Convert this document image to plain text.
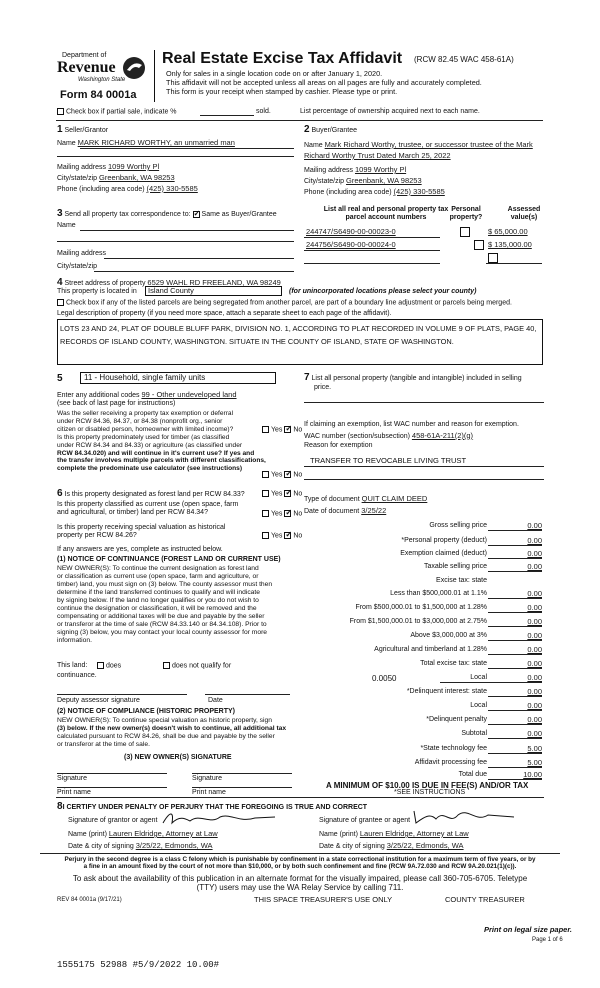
Department of
Revenue
Washington State
Form 84 0001a
Real Estate Excise Tax Affidavit (RCW 82.45 WAC 458-61A)
Only for sales in a single location code on or after January 1, 2020.
This affidavit will not be accepted unless all areas on all pages are fully and accurately completed.
This form is your receipt when stamped by cashier. Please type or print.
Check box if partial sale, indicate %	sold.	List percentage of ownership acquired next to each name.
1 Seller/Grantor
Name MARK RICHARD WORTHY, an unmarried man
Mailing address 1099 Worthy Pl
City/state/zip Greenbank, WA 98253
Phone (including area code) (425) 330-5585
2 Buyer/Grantee
Name Mark Richard Worthy, trustee, or successor trustee of the Mark
Richard Worthy Trust Dated March 25, 2022
Mailing address 1099 Worthy Pl
City/state/zip Greenbank, WA 98253
Phone (including area code) (425) 330-5585
3 Send all property tax correspondence to: ✓ Same as Buyer/Grantee
Name
Mailing address
City/state/zip
List all real and personal property tax
parcel account numbers
Personal
property?
Assessed
value(s)
244747/S6490-00-00023-0
	$ 65,000.00
244756/S6490-00-00024-0
	$ 135,000.00
4 Street address of property 6529 WAHL RD FREELAND, WA 98249
This property is located in	Island County	(for unincorporated locations please select your county)
Check box if any of the listed parcels are being segregated from another parcel, are part of a boundary line adjustment or parcels being merged.
Legal description of property (if you need more space, attach a separate sheet to each page of the affidavit).
LOTS 23 AND 24, PLAT OF DOUBLE BLUFF PARK, DIVISION NO. 1, ACCORDING TO PLAT RECORDED IN VOLUME 9 OF PLATS, PAGE 40,
RECORDS OF ISLAND COUNTY, WASHINGTON. SITUATE IN THE COUNTY OF ISLAND, STATE OF WASHINGTON.
5	11 - Household, single family units
Enter any additional codes 99 - Other undeveloped land
(see back of last page for instructions)
Was the seller receiving a property tax exemption or deferral
under RCW 84.36, 84.37, or 84.38 (nonprofit org., senior
citizen or disabled person, homeowner with limited income)?	Yes ✓ No
Is this property predominately used for timber (as classified
under RCW 84.34 and 84.33) or agriculture (as classified under
RCW 84.34.020) and will continue in it's current use? If yes and
the transfer involves multiple parcels with different classifications,
complete the predominate use calculator (see instructions)
Yes ✓ No
6 Is this property designated as forest land per RCW 84.33?	Yes ✓ No
Is this property classified as current use (open space, farm
and agricultural, or timber) land per RCW 84.34?	Yes ✓ No
Is this property receiving special valuation as historical
property per RCW 84.26?	Yes ✓ No
If any answers are yes, complete as instructed below.
(1) NOTICE OF CONTINUANCE (FOREST LAND OR CURRENT USE)
NEW OWNER(S): To continue the current designation as forest land
or classification as current use (open space, farm and agriculture, or
timber) land, you must sign on (3) below. The county assessor must then
determine if the land transferred continues to qualify and will indicate
by signing below. If the land no longer qualifies or you do not wish to
continue the designation or classification, it will be removed and the
compensating or additional taxes will be due and payable by the seller
or transferor at the time of sale (RCW 84.33.140 or 84.34.108). Prior to
signing (3) below, you may contact your local county assessor for more
information.
This land:	does	does not qualify for
continuance.
Deputy assessor signature	Date
(2) NOTICE OF COMPLIANCE (HISTORIC PROPERTY)
NEW OWNER(S): To continue special valuation as historic property, sign
(3) below. If the new owner(s) doesn't wish to continue, all additional tax
calculated pursuant to RCW 84.26, shall be due and payable by the seller
or transferor at the time of sale.
(3) NEW OWNER(S) SIGNATURE
Signature	Signature
Print name	Print name
7 List all personal property (tangible and intangible) included in selling
price.
If claiming an exemption, list WAC number and reason for exemption.
WAC number (section/subsection) 458-61A-211(2)(g)
Reason for exemption
TRANSFER TO REVOCABLE LIVING TRUST
Type of document QUIT CLAIM DEED
Date of document 3/25/22
Gross selling price	0.00
*Personal property (deduct)	0.00
Exemption claimed (deduct)	0.00
Taxable selling price	0.00
Excise tax: state
Less than $500,000.01 at 1.1%	0.00
From $500,000.01 to $1,500,000 at 1.28%	0.00
From $1,500,000.01 to $3,000,000 at 2.75%	0.00
Above $3,000,000 at 3%	0.00
Agricultural and timberland at 1.28%	0.00
Total excise tax: state	0.00
Local	0.00
*Delinquent interest: state	0.00
Local	0.00
*Delinquent penalty	0.00
Subtotal	0.00
*State technology fee	5.00
Affidavit processing fee	5.00
Total due	10.00
0.0050
A MINIMUM OF $10.00 IS DUE IN FEE(S) AND/OR TAX
*SEE INSTRUCTIONS
8I CERTIFY UNDER PENALTY OF PERJURY THAT THE FOREGOING IS TRUE AND CORRECT
Signature of grantor or agent
Name (print) Lauren Eldridge, Attorney at Law
Date & city of signing 3/25/22, Edmonds, WA
Signature of grantee or agent
Name (print) Lauren Eldridge, Attorney at Law
Date & city of signing 3/25/22, Edmonds, WA
Perjury in the second degree is a class C felony which is punishable by confinement in a state correctional institution for a maximum term of five years, or by
a fine in an amount fixed by the court of not more than $10,000, or by both such confinement and fine (RCW 9A.72.030 and RCW 9A.20.021(1)(c)).
To ask about the availability of this publication in an alternate format for the visually impaired, please call 360-705-6705. Teletype
(TTY) users may use the WA Relay Service by calling 711.
REV 84 0001a (9/17/21)	THIS SPACE TREASURER'S USE ONLY	COUNTY TREASURER
Print on legal size paper.
Page 1 of 6
1555175 52988 #5/9/2022 10.00#
